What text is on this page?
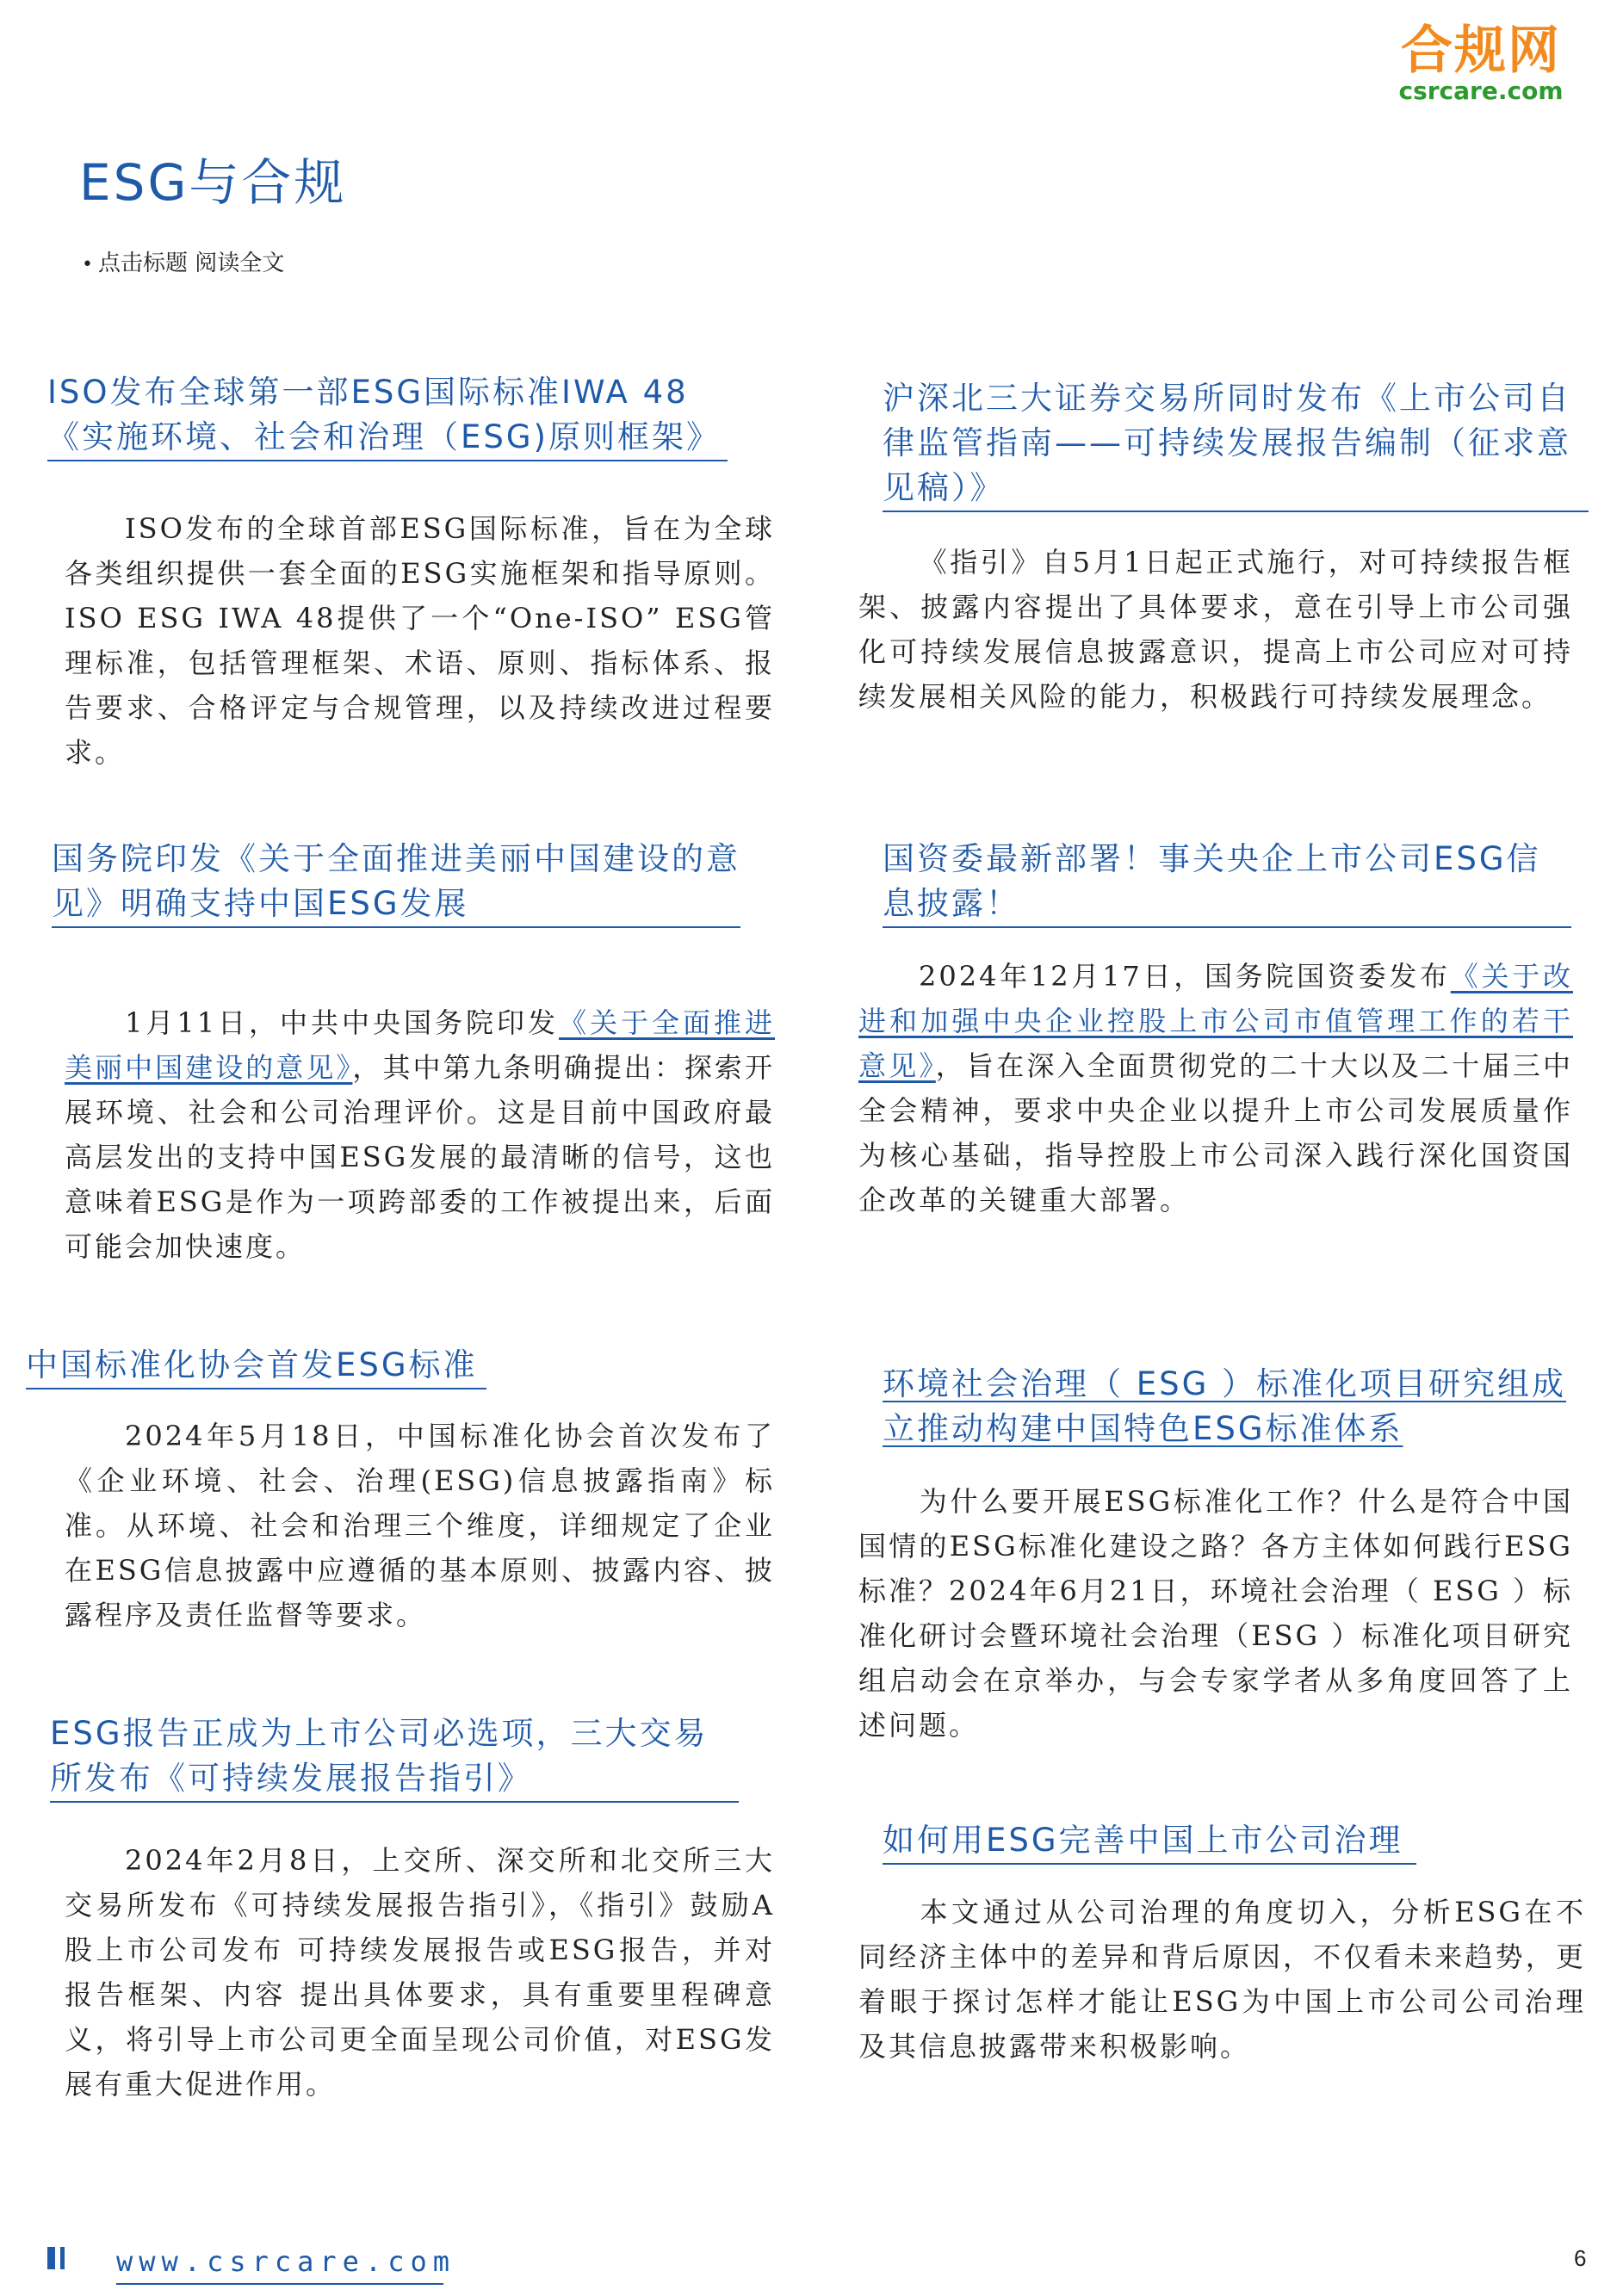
合规网
csrcare.com
ESG与合规
• 点击标题 阅读全文
ISO发布全球第一部ESG国际标准IWA 48《实施环境、社会和治理（ESG)原则框架》
ISO发布的全球首部ESG国际标准，旨在为全球各类组织提供一套全面的ESG实施框架和指导原则。ISO ESG IWA 48提供了一个“One-ISO” ESG管理标准，包括管理框架、术语、原则、指标体系、报告要求、合格评定与合规管理，以及持续改进过程要求。
沪深北三大证券交易所同时发布《上市公司自律监管指南——可持续发展报告编制（征求意见稿）》
《指引》自5月1日起正式施行，对可持续报告框架、披露内容提出了具体要求，意在引导上市公司强化可持续发展信息披露意识，提高上市公司应对可持续发展相关风险的能力，积极践行可持续发展理念。
国务院印发《关于全面推进美丽中国建设的意见》明确支持中国ESG发展
1月11日，中共中央国务院印发《关于全面推进美丽中国建设的意见》，其中第九条明确提出：探索开展环境、社会和公司治理评价。这是目前中国政府最高层发出的支持中国ESG发展的最清晰的信号，这也意味着ESG是作为一项跨部委的工作被提出来，后面可能会加快速度。
国资委最新部署！事关央企上市公司ESG信息披露！
2024年12月17日，国务院国资委发布《关于改进和加强中央企业控股上市公司市值管理工作的若干意见》，旨在深入全面贯彻党的二十大以及二十届三中全会精神，要求中央企业以提升上市公司发展质量作为核心基础，指导控股上市公司深入践行深化国资国企改革的关键重大部署。
中国标准化协会首发ESG标准
2024年5月18日，中国标准化协会首次发布了《企业环境、社会、治理(ESG)信息披露指南》标准。从环境、社会和治理三个维度，详细规定了企业在ESG信息披露中应遵循的基本原则、披露内容、披露程序及责任监督等要求。
环境社会治理（ ESG ）标准化项目研究组成立推动构建中国特色ESG标准体系
为什么要开展ESG标准化工作？什么是符合中国国情的ESG标准化建设之路？各方主体如何践行ESG标准？2024年6月21日，环境社会治理（ ESG ）标准化研讨会暨环境社会治理（ESG ）标准化项目研究组启动会在京举办，与会专家学者从多角度回答了上述问题。
ESG报告正成为上市公司必选项，三大交易所发布《可持续发展报告指引》
2024年2月8日，上交所、深交所和北交所三大交易所发布《可持续发展报告指引》，《指引》鼓励A股上市公司发布 可持续发展报告或ESG报告，并对报告框架、内容 提出具体要求，具有重要里程碑意义，将引导上市公司更全面呈现公司价值，对ESG发展有重大促进作用。
如何用ESG完善中国上市公司治理
本文通过从公司治理的角度切入，分析ESG在不同经济主体中的差异和背后原因，不仅看未来趋势，更着眼于探讨怎样才能让ESG为中国上市公司公司治理及其信息披露带来积极影响。
www.csrcare.com	6
